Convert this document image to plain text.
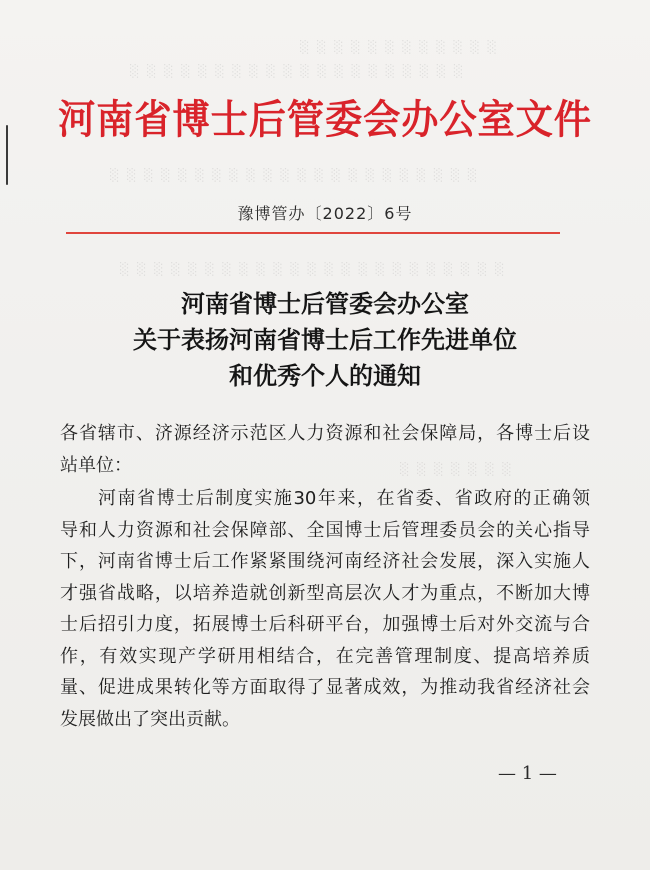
░ ░ ░ ░ ░ ░ ░ ░ ░ ░ ░ ░
░ ░ ░ ░ ░ ░ ░ ░ ░ ░ ░ ░ ░ ░ ░ ░ ░ ░ ░ ░
░ ░ ░ ░ ░ ░ ░ ░ ░ ░ ░ ░ ░ ░ ░ ░ ░ ░ ░ ░ ░ ░
░ ░ ░ ░ ░ ░ ░ ░ ░ ░ ░ ░ ░ ░ ░ ░ ░ ░ ░ ░ ░ ░ ░
░ ░ ░ ░ ░ ░ ░
河南省博士后管委会办公室文件
豫博管办〔2022〕6号
河南省博士后管委会办公室
关于表扬河南省博士后工作先进单位
和优秀个人的通知
各省辖市、济源经济示范区人力资源和社会保障局，各博士后设
站单位：
河南省博士后制度实施30年来，在省委、省政府的正确领
导和人力资源和社会保障部、全国博士后管理委员会的关心指导
下，河南省博士后工作紧紧围绕河南经济社会发展，深入实施人
才强省战略，以培养造就创新型高层次人才为重点，不断加大博
士后招引力度，拓展博士后科研平台，加强博士后对外交流与合
作，有效实现产学研用相结合，在完善管理制度、提高培养质
量、促进成果转化等方面取得了显著成效，为推动我省经济社会
发展做出了突出贡献。
— 1 —
